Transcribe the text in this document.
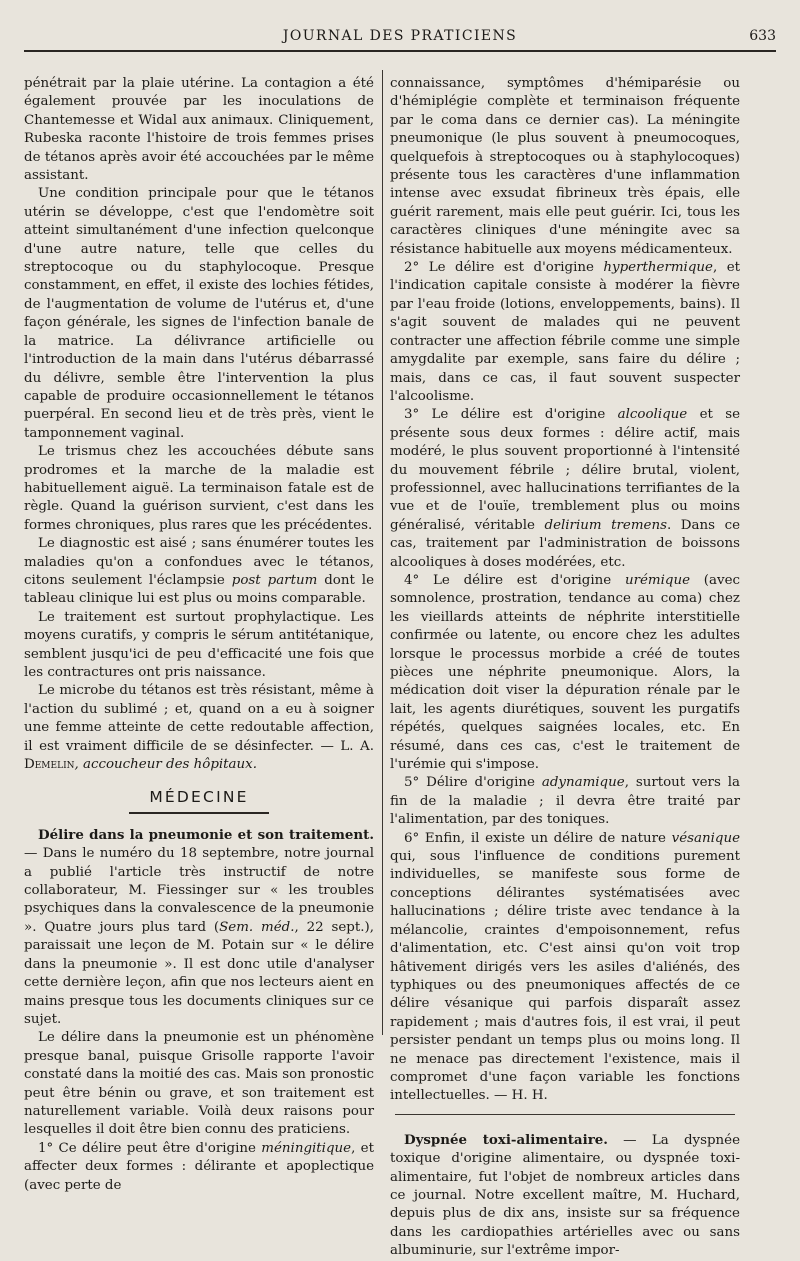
JOURNAL DES PRATICIENS	633

pénétrait par la plaie utérine. La contagion a été également prouvée par les inoculations de Chantemesse et Widal aux animaux. Cliniquement, Rubeska raconte l'histoire de trois femmes prises de tétanos après avoir été accouchées par le même assistant.

Une condition principale pour que le tétanos utérin se développe, c'est que l'endomètre soit atteint simultanément d'une infection quelconque d'une autre nature, telle que celles du streptocoque ou du staphylocoque. Presque constamment, en effet, il existe des lochies fétides, de l'augmentation de volume de l'utérus et, d'une façon générale, les signes de l'infection banale de la matrice. La délivrance artificielle ou l'introduction de la main dans l'utérus débarrassé du délivre, semble être l'intervention la plus capable de produire occasionnellement le tétanos puerpéral. En second lieu et de très près, vient le tamponnement vaginal.

Le trismus chez les accouchées débute sans prodromes et la marche de la maladie est habituellement aiguë. La terminaison fatale est de règle. Quand la guérison survient, c'est dans les formes chroniques, plus rares que les précédentes.

Le diagnostic est aisé ; sans énumérer toutes les maladies qu'on a confondues avec le tétanos, citons seulement l'éclampsie post partum dont le tableau clinique lui est plus ou moins comparable.

Le traitement est surtout prophylactique. Les moyens curatifs, y compris le sérum antitétanique, semblent jusqu'ici de peu d'efficacité une fois que les contractures ont pris naissance.

Le microbe du tétanos est très résistant, même à l'action du sublimé ; et, quand on a eu à soigner une femme atteinte de cette redoutable affection, il est vraiment difficile de se désinfecter. — L. A. Demelin, accoucheur des hôpitaux.

MÉDECINE

Délire dans la pneumonie et son traitement. — Dans le numéro du 18 septembre, notre journal a publié l'article très instructif de notre collaborateur, M. Fiessinger sur « les troubles psychiques dans la convalescence de la pneumonie ». Quatre jours plus tard (Sem. méd., 22 sept.), paraissait une leçon de M. Potain sur « le délire dans la pneumonie ». Il est donc utile d'analyser cette dernière leçon, afin que nos lecteurs aient en mains presque tous les documents cliniques sur ce sujet.

Le délire dans la pneumonie est un phénomène presque banal, puisque Grisolle rapporte l'avoir constaté dans la moitié des cas. Mais son pronostic peut être bénin ou grave, et son traitement est naturellement variable. Voilà deux raisons pour lesquelles il doit être bien connu des praticiens.

1° Ce délire peut être d'origine méningitique, et affecter deux formes : délirante et apoplectique (avec perte de

connaissance, symptômes d'hémiparésie ou d'hémiplégie complète et terminaison fréquente par le coma dans ce dernier cas). La méningite pneumonique (le plus souvent à pneumocoques, quelquefois à streptocoques ou à staphylocoques) présente tous les caractères d'une inflammation intense avec exsudat fibrineux très épais, elle guérit rarement, mais elle peut guérir. Ici, tous les caractères cliniques d'une méningite avec sa résistance habituelle aux moyens médicamenteux.

2° Le délire est d'origine hyperthermique, et l'indication capitale consiste à modérer la fièvre par l'eau froide (lotions, enveloppements, bains). Il s'agit souvent de malades qui ne peuvent contracter une affection fébrile comme une simple amygdalite par exemple, sans faire du délire ; mais, dans ce cas, il faut souvent suspecter l'alcoolisme.

3° Le délire est d'origine alcoolique et se présente sous deux formes : délire actif, mais modéré, le plus souvent proportionné à l'intensité du mouvement fébrile ; délire brutal, violent, professionnel, avec hallucinations terrifiantes de la vue et de l'ouïe, tremblement plus ou moins généralisé, véritable delirium tremens. Dans ce cas, traitement par l'administration de boissons alcooliques à doses modérées, etc.

4° Le délire est d'origine urémique (avec somnolence, prostration, tendance au coma) chez les vieillards atteints de néphrite interstitielle confirmée ou latente, ou encore chez les adultes lorsque le processus morbide a créé de toutes pièces une néphrite pneumonique. Alors, la médication doit viser la dépuration rénale par le lait, les agents diurétiques, souvent les purgatifs répétés, quelques saignées locales, etc. En résumé, dans ces cas, c'est le traitement de l'urémie qui s'impose.

5° Délire d'origine adynamique, surtout vers la fin de la maladie ; il devra être traité par l'alimentation, par des toniques.

6° Enfin, il existe un délire de nature vésanique qui, sous l'influence de conditions purement individuelles, se manifeste sous forme de conceptions délirantes systématisées avec hallucinations ; délire triste avec tendance à la mélancolie, craintes d'empoisonnement, refus d'alimentation, etc. C'est ainsi qu'on voit trop hâtivement dirigés vers les asiles d'aliénés, des typhiques ou des pneumoniques affectés de ce délire vésanique qui parfois disparaît assez rapidement ; mais d'autres fois, il est vrai, il peut persister pendant un temps plus ou moins long. Il ne menace pas directement l'existence, mais il compromet d'une façon variable les fonctions intellectuelles. — H. H.

Dyspnée toxi-alimentaire. — La dyspnée toxique d'origine alimentaire, ou dyspnée toxi-alimentaire, fut l'objet de nombreux articles dans ce journal. Notre excellent maître, M. Huchard, depuis plus de dix ans, insiste sur sa fréquence dans les cardiopathies artérielles avec ou sans albuminurie, sur l'extrême impor-
